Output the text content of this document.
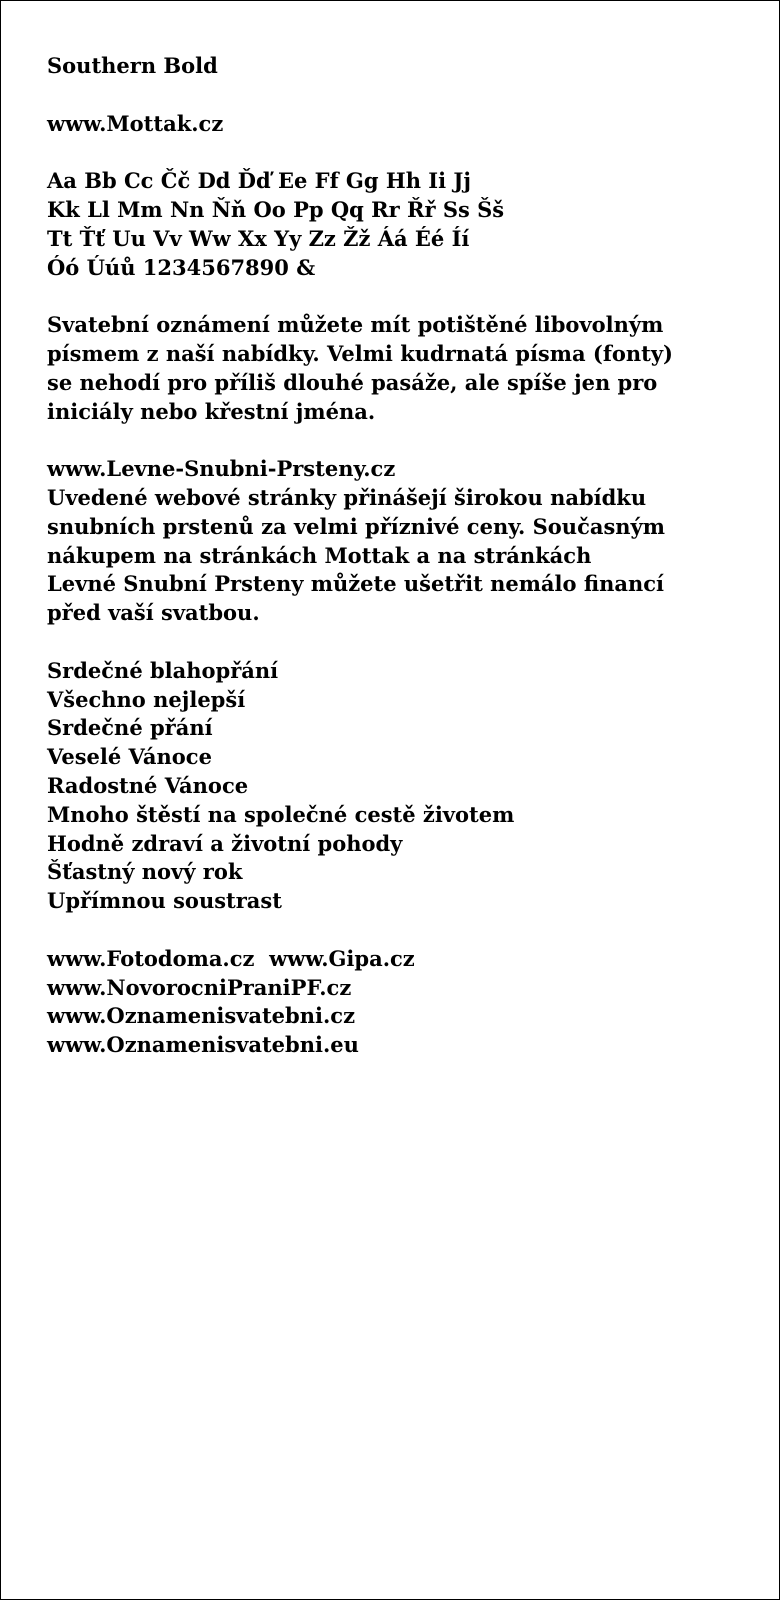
Southern Bold
www.Mottak.cz
Aa Bb Cc Čč Dd Ďď Ee Ff Gg Hh Ii Jj
Kk Ll Mm Nn Ňň Oo Pp Qq Rr Řř Ss Šš
Tt Ťť Uu Vv Ww Xx Yy Zz Žž Áá Éé Íí
Óó Úúů 1234567890 &
Svatební oznámení můžete mít potištěné libovolným
písmem z naší nabídky. Velmi kudrnatá písma (fonty)
se nehodí pro příliš dlouhé pasáže, ale spíše jen pro
iniciály nebo křestní jména.
www.Levne-Snubni-Prsteny.cz
Uvedené webové stránky přinášejí širokou nabídku
snubních prstenů za velmi příznivé ceny. Současným
nákupem na stránkách Mottak a na stránkách
Levné Snubní Prsteny můžete ušetřit nemálo financí
před vaší svatbou.
Srdečné blahopřání
Všechno nejlepší
Srdečné přání
Veselé Vánoce
Radostné Vánoce
Mnoho štěstí na společné cestě životem
Hodně zdraví a životní pohody
Šťastný nový rok
Upřímnou soustrast
www.Fotodoma.cz  www.Gipa.cz
www.NovorocniPraniPF.cz
www.Oznamenisvatebni.cz
www.Oznamenisvatebni.eu
